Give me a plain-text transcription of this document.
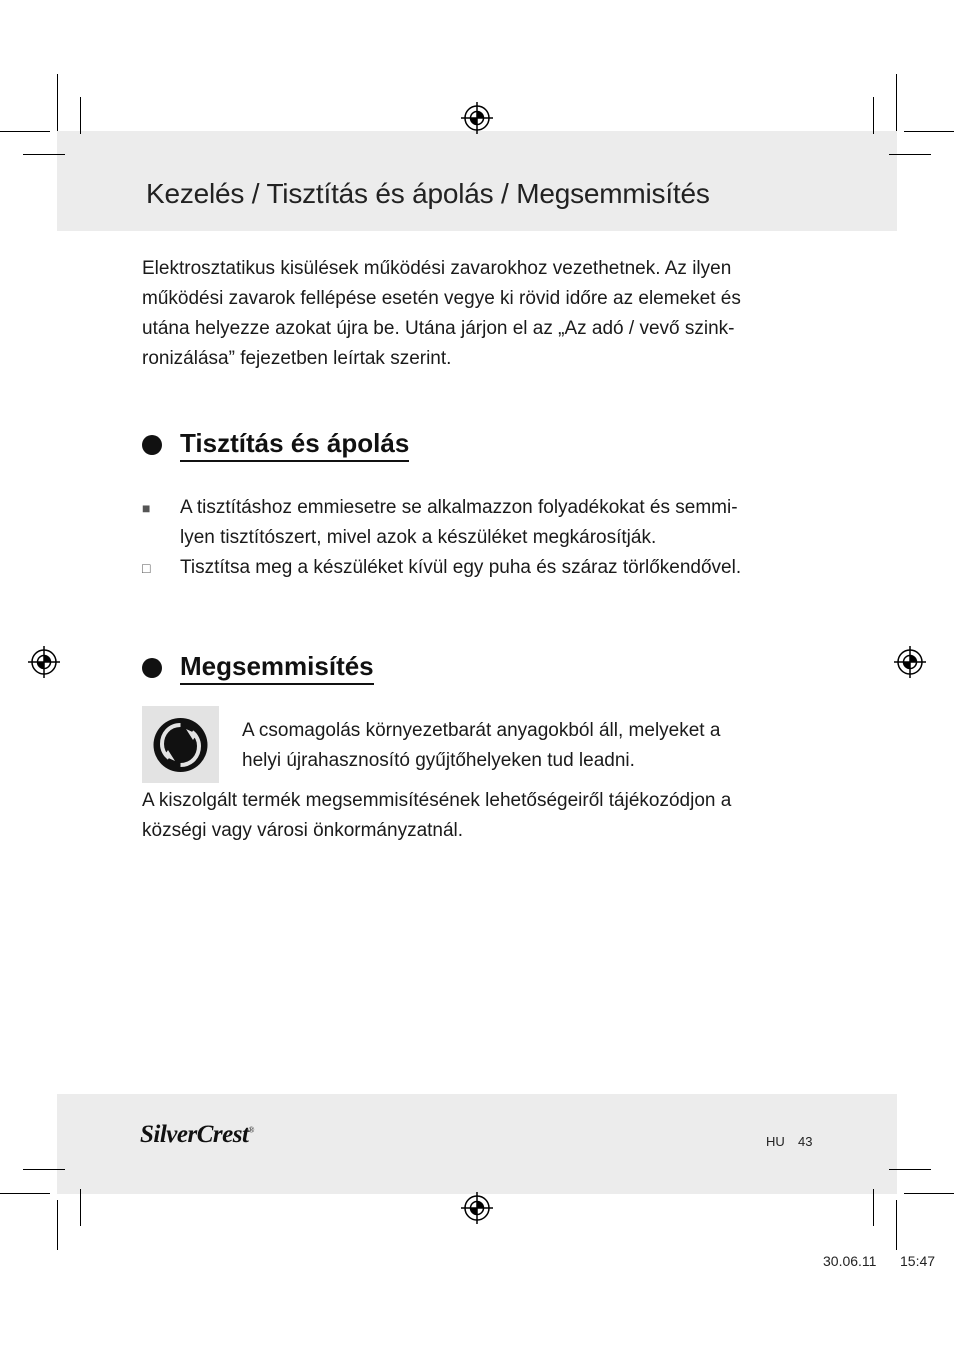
Kezelés / Tisztítás és ápolás / Megsemmisítés
Elektrosztatikus kisülések működési zavarokhoz vezethetnek. Az ilyen
működési zavarok fellépése esetén vegye ki rövid időre az elemeket és
utána helyezze azokat újra be. Utána járjon el az „Az adó / vevő szink-
ronizálása” fejezetben leírtak szerint.
Tisztítás és ápolás
■	A tisztításhoz emmiesetre se alkalmazzon folyadékokat és semmi-
lyen tisztítószert, mivel azok a készüléket megkárosítják.
□	Tisztítsa meg a készüléket kívül egy puha és száraz törlőkendővel.
Megsemmisítés
A csomagolás környezetbarát anyagokból áll, melyeket a
helyi újrahasznosító gyűjtőhelyeken tud leadni.
A kiszolgált termék megsemmisítésének lehetőségeiről tájékozódjon a
községi vagy városi önkormányzatnál.
SilverCrest®
HU 43
30.06.11 15:47
